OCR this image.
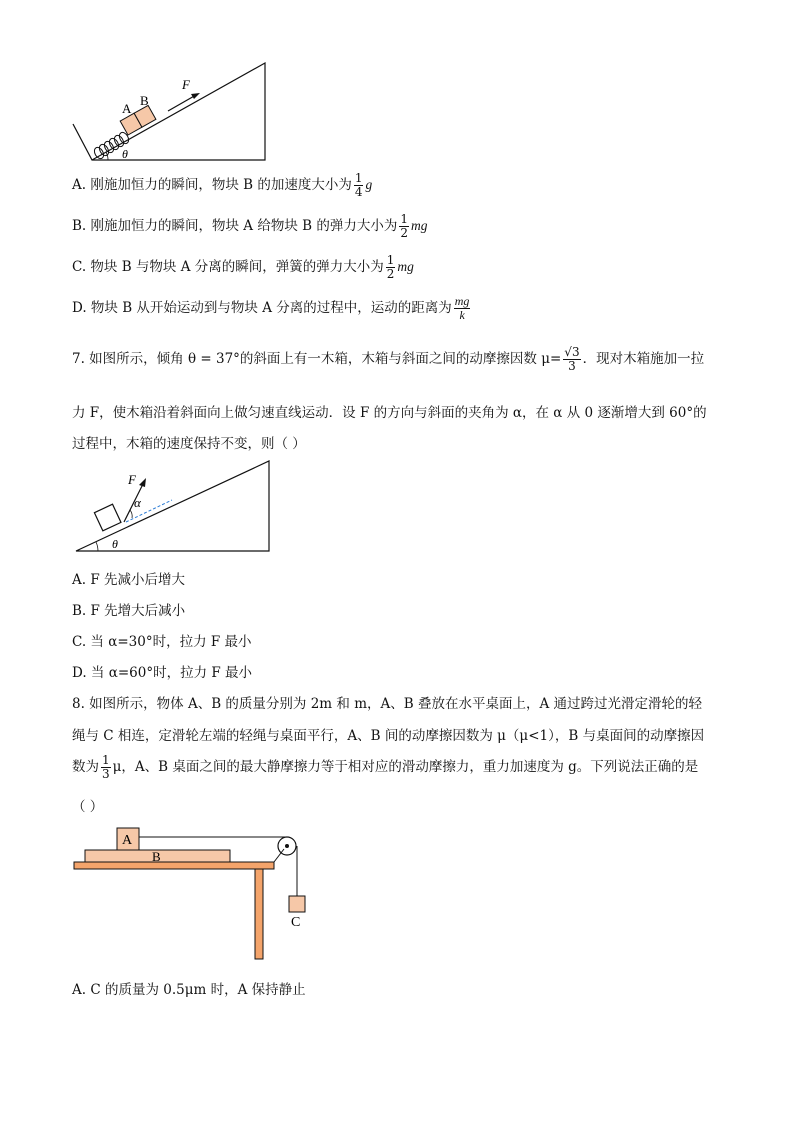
A
B
F
θ
A. 刚施加恒力的瞬间，物块 B 的加速度大小为 $\frac{1}{4}$ g
B. 刚施加恒力的瞬间，物块 A 给物块 B 的弹力大小为 $\frac{1}{2}$ mg
C. 物块 B 与物块 A 分离的瞬间，弹簧的弹力大小为 $\frac{1}{2}$ mg
D. 物块 B 从开始运动到与物块 A 分离的过程中，运动的距离为 $\frac{mg}{k}$
7. 如图所示，倾角 θ = 37°的斜面上有一木箱，木箱与斜面之间的动摩擦因数 $\mu= \frac{√3}{3}$ ．现对木箱施加一拉
力 F，使木箱沿着斜面向上做匀速直线运动．设 F 的方向与斜面的夹角为 α，在 α 从 0 逐渐增大到 60°的
过程中，木箱的速度保持不变，则（ ）
F
α
θ
A. F 先减小后增大
B. F 先增大后减小
C. 当 α=30°时，拉力 F 最小
D. 当 α=60°时，拉力 F 最小
8. 如图所示，物体 A、B 的质量分别为 2m 和 m，A、B 叠放在水平桌面上，A 通过跨过光滑定滑轮的轻
绳与 C 相连，定滑轮左端的轻绳与桌面平行，A、B 间的动摩擦因数为 μ（μ<1），B 与桌面间的动摩擦因
数为 $\frac{1}{3}$ μ，A、B 桌面之间的最大静摩擦力等于相对应的滑动摩擦力，重力加速度为 g。下列说法正确的是
（ ）
A
B
C
A. C 的质量为 0.5μm 时，A 保持静止
